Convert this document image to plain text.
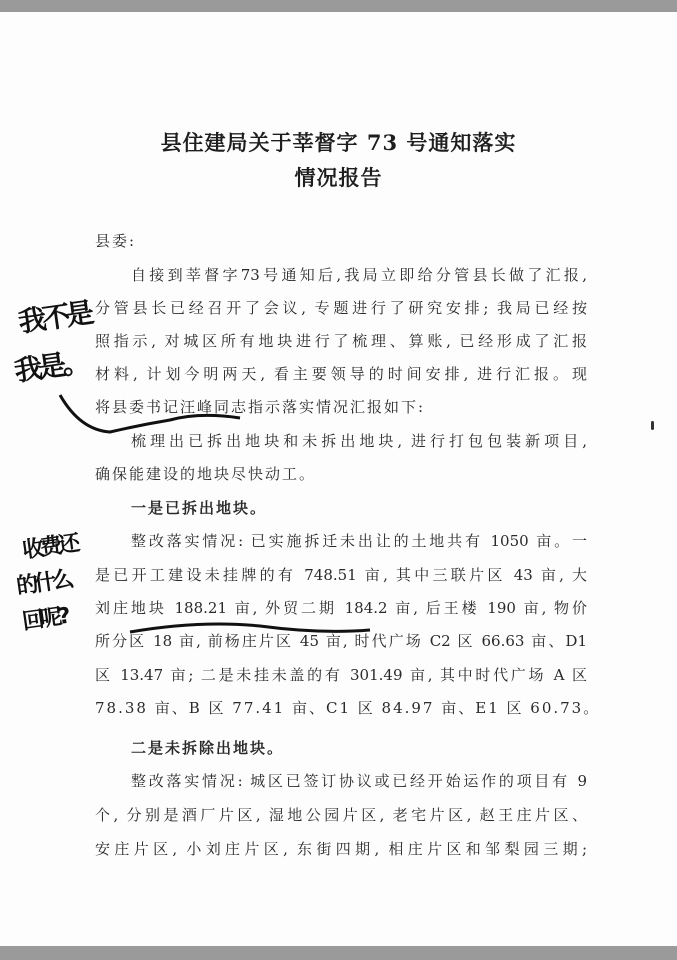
县住建局关于莘督字 73 号通知落实
情况报告
县委:
自接到莘督字73号通知后,我局立即给分管县长做了汇报,
分管县长已经召开了会议, 专题进行了研究安排; 我局已经按
照指示, 对城区所有地块进行了梳理、算账, 已经形成了汇报
材料, 计划今明两天, 看主要领导的时间安排, 进行汇报。现
将县委书记汪峰同志指示落实情况汇报如下:
梳理出已拆出地块和未拆出地块, 进行打包包装新项目,
确保能建设的地块尽快动工。
一是已拆出地块。
整改落实情况: 已实施拆迁未出让的土地共有 1050 亩。一
是已开工建设未挂牌的有 748.51 亩, 其中三联片区 43 亩, 大
刘庄地块 188.21 亩, 外贸二期 184.2 亩, 后王楼 190 亩, 物价
所分区 18 亩, 前杨庄片区 45 亩, 时代广场 C2 区 66.63 亩、D1
区 13.47 亩; 二是未挂未盖的有 301.49 亩, 其中时代广场 A 区
78.38 亩、B 区 77.41 亩、C1 区 84.97 亩、E1 区 60.73。
二是未拆除出地块。
整改落实情况: 城区已签订协议或已经开始运作的项目有 9
个, 分别是酒厂片区, 湿地公园片区, 老宅片区, 赵王庄片区、
安庄片区, 小刘庄片区, 东街四期, 相庄片区和邹梨园三期;
我不是
我是。
收费还
的什么
回呢?
